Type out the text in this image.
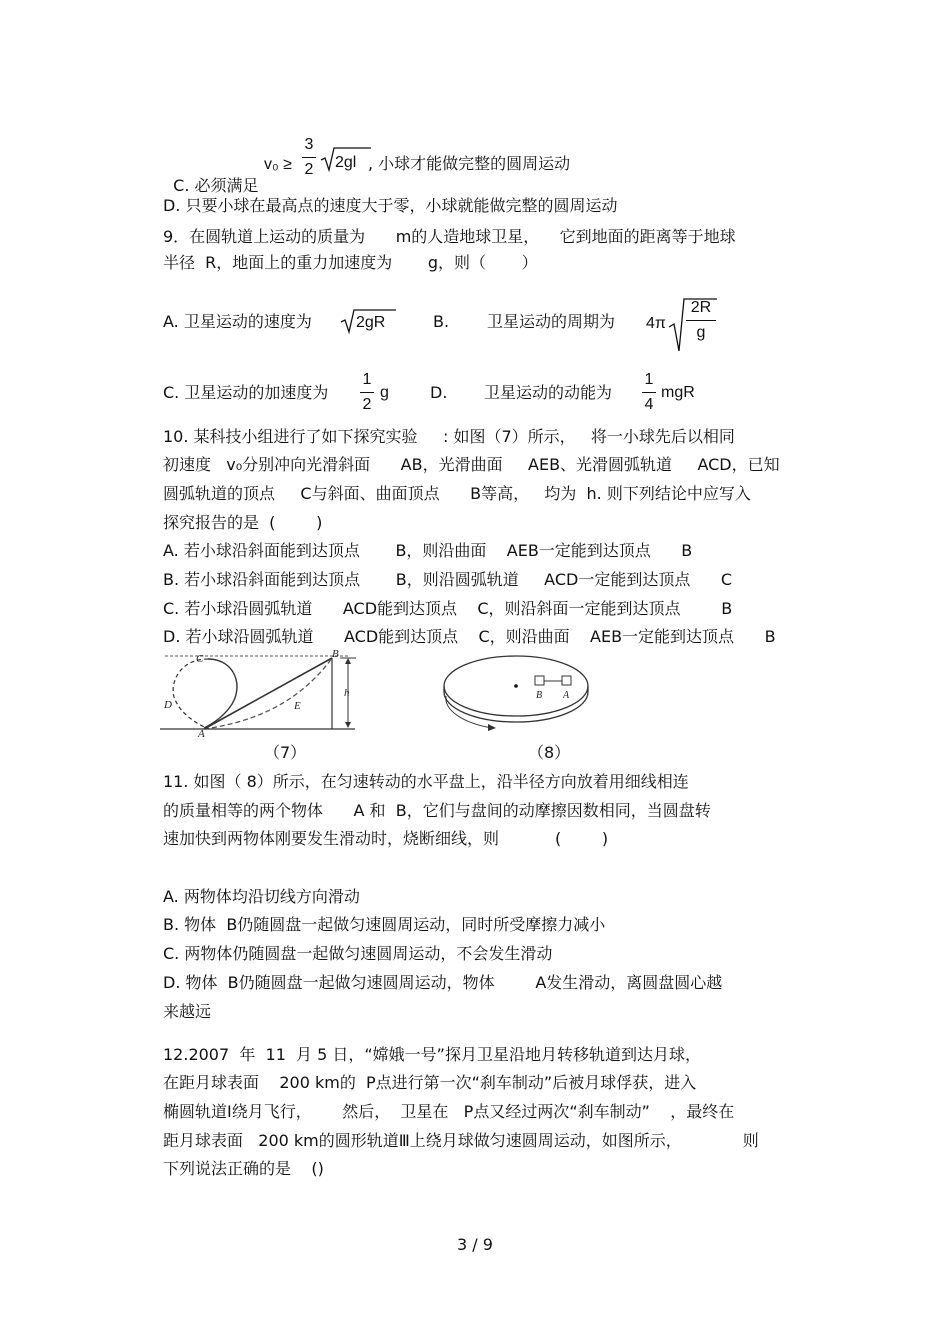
C. 必须满足

v₀ ≥
3
2 2gl , 小球才能做完整的圆周运动
D. 只要小球在最高点的速度大于零，小球就能做完整的圆周运动
9．在圆轨道上运动的质量为      m的人造地球卫星，    它到地面的距离等于地球
半径  R，地面上的重力加速度为       g，则（       ）
A. 卫星运动的速度为	2gR	B. 卫星运动的周期为 4π
2R
g
C. 卫星运动的加速度为
1
2
g	D. 卫星运动的动能为
1
4
mgR
10. 某科技小组进行了如下探究实验     : 如图（7）所示，   将一小球先后以相同
初速度   v₀分别冲向光滑斜面      AB，光滑曲面     AEB、光滑圆弧轨道     ACD，已知
圆弧轨道的顶点     C与斜面、曲面顶点      B等高，   均为  h. 则下列结论中应写入
探究报告的是  (        )
A. 若小球沿斜面能到达顶点       B，则沿曲面    AEB一定能到达顶点      B
B. 若小球沿斜面能到达顶点       B，则沿圆弧轨道     ACD一定能到达顶点      C
C. 若小球沿圆弧轨道      ACD能到达顶点    C，则沿斜面一定能到达顶点        B
D. 若小球沿圆弧轨道      ACD能到达顶点    C，则沿曲面    AEB一定能到达顶点      B
C	B
D	E
A
h
（7）
B A
（8）
11. 如图（ 8）所示，在匀速转动的水平盘上，沿半径方向放着用细线相连
的质量相等的两个物体      A 和  B，它们与盘间的动摩擦因数相同，当圆盘转
速加快到两物体刚要发生滑动时，烧断细线，则           (        )
A. 两物体均沿切线方向滑动
B. 物体  B仍随圆盘一起做匀速圆周运动，同时所受摩擦力减小
C. 两物体仍随圆盘一起做匀速圆周运动，不会发生滑动
D. 物体  B仍随圆盘一起做匀速圆周运动，物体        A发生滑动，离圆盘圆心越
来越远
12.2007  年  11  月 5 日，“嫦娥一号”探月卫星沿地月转移轨道到达月球，
在距月球表面    200 km的  P点进行第一次“刹车制动”后被月球俘获，进入
椭圆轨道Ⅰ绕月飞行，      然后，  卫星在   P点又经过两次“刹车制动”    ，最终在
距月球表面   200 km的圆形轨道Ⅲ上绕月球做匀速圆周运动，如图所示，            则
下列说法正确的是    ()
3 / 9
